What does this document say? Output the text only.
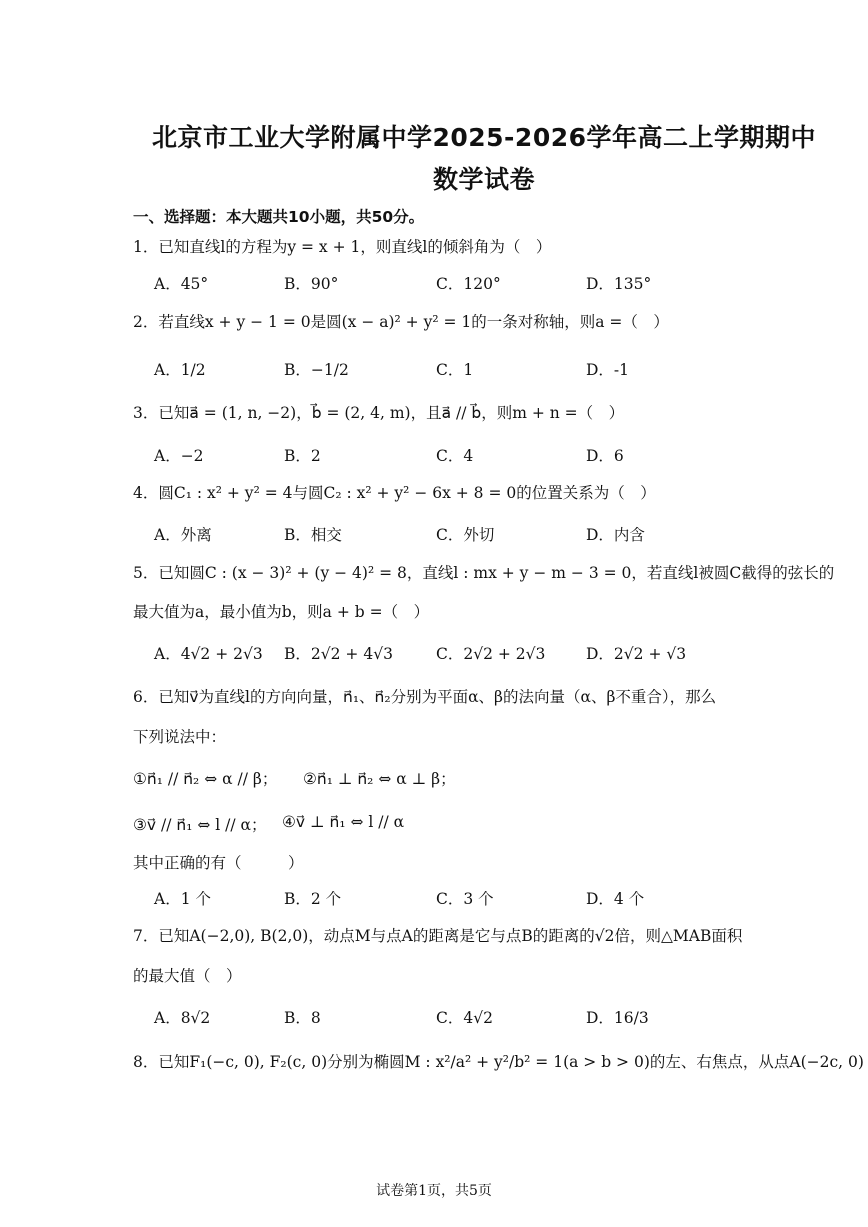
北京市工业大学附属中学2025-2026学年高二上学期期中
数学试卷
一、选择题：本大题共10小题，共50分。
1．已知直线l的方程为y = x + 1，则直线l的倾斜角为（　）
A．45°	B．90°	C．120°	D．135°
2．若直线x + y − 1 = 0是圆(x − a)² + y² = 1的一条对称轴，则a =（　）
A．1/2	B．−1/2	C．1	D．-1
3．已知a⃗ = (1, n, −2)，b⃗ = (2, 4, m)，且a⃗ // b⃗，则m + n =（　）
A．−2	B．2	C．4	D．6
4．圆C₁ : x² + y² = 4与圆C₂ : x² + y² − 6x + 8 = 0的位置关系为（　）
A．外离	B．相交	C．外切	D．内含
5．已知圆C : (x − 3)² + (y − 4)² = 8，直线l : mx + y − m − 3 = 0，若直线l被圆C截得的弦长的
最大值为a，最小值为b，则a + b =（　）
A．4√2 + 2√3 B．2√2 + 4√3	C．2√2 + 2√3	D．2√2 + √3
6．已知v⃗为直线l的方向向量，n⃗₁、n⃗₂分别为平面α、β的法向量（α、β不重合），那么
下列说法中：
①n⃗₁ // n⃗₂ ⇔ α // β； ②n⃗₁ ⊥ n⃗₂ ⇔ α ⊥ β；
③v⃗ // n⃗₁ ⇔ l // α； ④v⃗ ⊥ n⃗₁ ⇔ l // α
其中正确的有（　　　）
A．1 个	B．2 个	C．3 个	D．4 个
7．已知A(−2,0), B(2,0)，动点M与点A的距离是它与点B的距离的√2倍，则△MAB面积
的最大值（　）
A．8√2	B．8	C．4√2	D．16/3
8．已知F₁(−c, 0), F₂(c, 0)分别为椭圆M : x²/a² + y²/b² = 1(a > b > 0)的左、右焦点，从点A(−2c, 0)
试卷第1页，共5页
